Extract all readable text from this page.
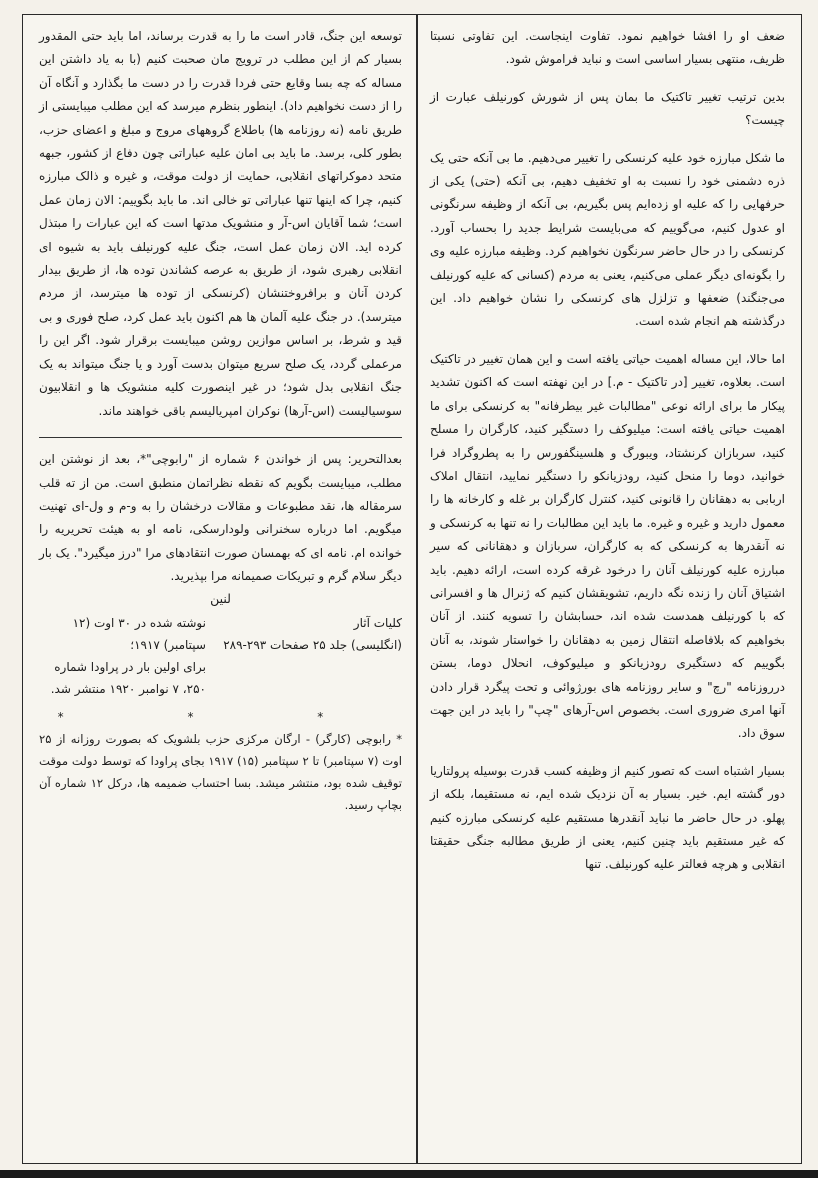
ضعف او را افشا خواهیم نمود. تفاوت اینجاست. این تفاوتی نسبتا ظریف، منتهی بسیار اساسی است و نباید فراموش شود.

بدین ترتیب تغییر تاکتیک ما بمان پس از شورش کورنیلف عبارت از چیست؟

ما شکل مبارزه خود علیه کرنسکی را تغییر می‌دهیم. ما بی آنکه حتی یک ذره دشمنی خود را نسبت به او تخفیف دهیم، بی آنکه (حتی) یکی از حرفهایی را که علیه او زده‌ایم پس بگیریم، بی آنکه از وظیفه سرنگونی او عدول کنیم، می‌گوییم که می‌بایست شرایط جدید را بحساب آورد. کرنسکی را در حال حاضر سرنگون نخواهیم کرد. وظیفه مبارزه علیه وی را بگونه‌ای دیگر عملی می‌کنیم، یعنی به مردم (کسانی که علیه کورنیلف می‌جنگند) ضعفها و تزلزل های کرنسکی را نشان خواهیم داد. این درگذشته هم انجام شده است.

اما حالا، این مساله اهمیت حیاتی یافته است و این همان تغییر در تاکتیک است. بعلاوه، تغییر [در تاکتیک - م.] در این نهفته است که اکنون تشدید پیکار ما برای ارائه نوعی "مطالبات غیر بیطرفانه" به کرنسکی برای ما اهمیت حیاتی یافته است: میلیوکف را دستگیر کنید، کارگران را مسلح کنید، سربازان کرنشتاد، ویبورگ و هلسینگفورس را به پطروگراد فرا خوانید، دوما را منحل کنید، رودزیانکو را دستگیر نمایید، انتقال املاک اربابی به دهقانان را قانونی کنید، کنترل کارگران بر غله و کارخانه ها را معمول دارید و غیره و غیره. ما باید این مطالبات را نه تنها به کرنسکی و نه آنقدرها به کرنسکی که به کارگران، سربازان و دهقانانی که سیر مبارزه علیه کورنیلف آنان را درخود غرقه کرده است، ارائه دهیم. باید اشتیاق آنان را زنده نگه داریم، تشویقشان کنیم که ژنرال ها و افسرانی که با کورنیلف همدست شده اند، حسابشان را تسویه کنند. از آنان بخواهیم که بلافاصله انتقال زمین به دهقانان را خواستار شوند، به آنان بگوییم که دستگیری رودزیانکو و میلیوکوف، انحلال دوما، بستن درروزنامه "رچ" و سایر روزنامه های بورژوائی و تحت پیگرد قرار دادن آنها امری ضروری است. بخصوص اس-آرهای "چپ" را باید در این جهت سوق داد.

بسیار اشتباه است که تصور کنیم از وظیفه کسب قدرت بوسیله پرولتاریا دور گشته ایم. خیر. بسیار به آن نزدیک شده ایم، نه مستقیما، بلکه از پهلو. در حال حاضر ما نباید آنقدرها مستقیم علیه کرنسکی مبارزه کنیم که غیر مستقیم باید چنین کنیم، یعنی از طریق مطالبه جنگی حقیقتا انقلابی و هرچه فعالتر علیه کورنیلف. تنها

توسعه این جنگ، قادر است ما را به قدرت برساند، اما باید حتی المقدور بسیار کم از این مطلب در ترویج مان صحبت کنیم (با به یاد داشتن این مساله که چه بسا وقایع حتی فردا قدرت را در دست ما بگذارد و آنگاه آن را از دست نخواهیم داد). اینطور بنظرم میرسد که این مطلب میبایستی از طریق نامه (نه روزنامه ها) باطلاع گروههای مروج و مبلغ و اعضای حزب، بطور کلی، برسد. ما باید بی امان علیه عباراتی چون دفاع از کشور، جبهه متحد دموکراتهای انقلابی، حمایت از دولت موقت، و غیره و ذالک مبارزه کنیم، چرا که اینها تنها عباراتی تو خالی اند. ما باید بگوییم: الان زمان عمل است؛ شما آقایان اس-آر و منشویک مدتها است که این عبارات را مبتذل کرده اید. الان زمان عمل است، جنگ علیه کورنیلف باید به شیوه ای انقلابی رهبری شود، از طریق به عرصه کشاندن توده ها، از طریق بیدار کردن آنان و برافروختنشان (کرنسکی از توده ها میترسد، از مردم میترسد). در جنگ علیه آلمان ها هم اکنون باید عمل کرد، صلح فوری و بی قید و شرط، بر اساس موازین روشن میبایست برقرار شود. اگر این را مرعملی گردد، یک صلح سریع میتوان بدست آورد و یا جنگ میتواند به یک جنگ انقلابی بدل شود؛ در غیر اینصورت کلیه منشویک ها و انقلابیون سوسیالیست (اس-آرها) نوکران امپریالیسم باقی خواهند ماند.

بعدالتحریر: پس از خواندن ۶ شماره از "رابوچی"*، بعد از نوشتن این مطلب، میبایست بگویم که نقطه نظراتمان منطبق است. من از ته قلب سرمقاله ها، نقد مطبوعات و مقالات درخشان را به و-م و ول-ای تهنیت میگویم. اما درباره سخنرانی ولودارسکی، نامه او به هیئت تحریریه را خوانده ام. نامه ای که بهمسان صورت انتقادهای مرا "درز میگیرد". یک بار دیگر سلام گرم و تبریکات صمیمانه مرا بپذیرید.

لنین
کلیات آثار
(انگلیسی) جلد ۲۵ صفحات ۲۹۳-۲۸۹
نوشته شده در ۳۰ اوت (۱۲ سپتامبر) ۱۹۱۷؛
برای اولین بار در پراودا شماره ۲۵۰، ۷ نوامبر ۱۹۲۰ منتشر شد.
* * *

* رابوچی (کارگر) - ارگان مرکزی حزب بلشویک که بصورت روزانه از ۲۵ اوت (۷ سپتامبر) تا ۲ سپتامبر (۱۵) ۱۹۱۷ بجای پراودا که توسط دولت موقت توقیف شده بود، منتشر میشد. بسا احتساب ضمیمه ها، درکل ۱۲ شماره آن بچاپ رسید.
